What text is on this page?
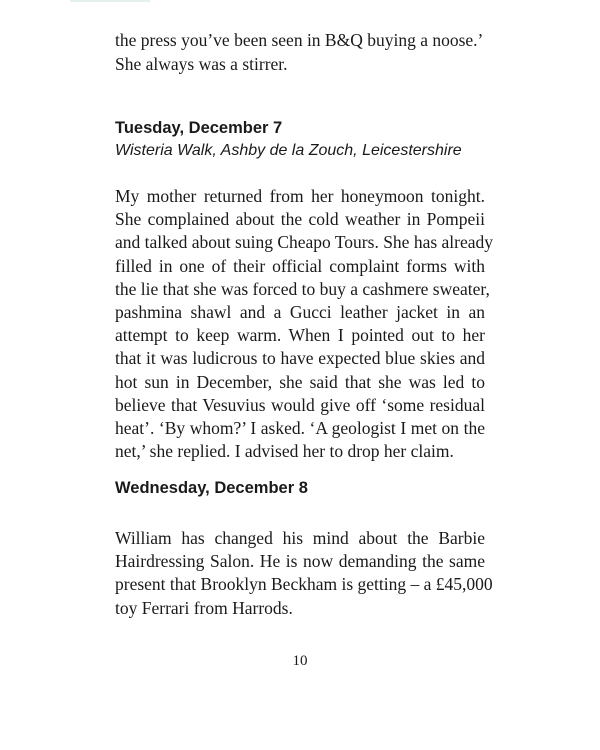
the press you’ve been seen in B&Q buying a noose.’
She always was a stirrer.
Tuesday, December 7
Wisteria Walk, Ashby de la Zouch, Leicestershire
My mother returned from her honeymoon tonight.
She complained about the cold weather in Pompeii
and talked about suing Cheapo Tours. She has already
filled in one of their official complaint forms with
the lie that she was forced to buy a cashmere sweater,
pashmina shawl and a Gucci leather jacket in an
attempt to keep warm. When I pointed out to her
that it was ludicrous to have expected blue skies and
hot sun in December, she said that she was led to
believe that Vesuvius would give off ‘some residual
heat’. ‘By whom?’ I asked. ‘A geologist I met on the
net,’ she replied. I advised her to drop her claim.
Wednesday, December 8
William has changed his mind about the Barbie
Hairdressing Salon. He is now demanding the same
present that Brooklyn Beckham is getting – a £45,000
toy Ferrari from Harrods.
10
